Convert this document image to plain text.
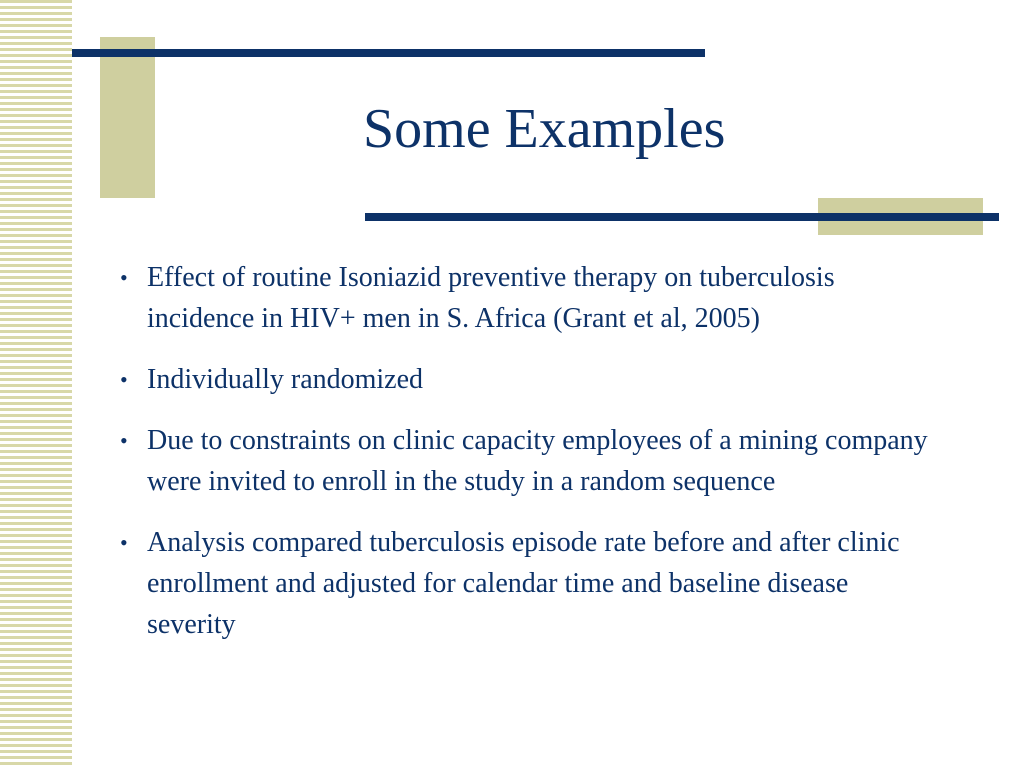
Some Examples
• Effect of routine Isoniazid preventive therapy on tuberculosis incidence in HIV+ men in S. Africa (Grant et al, 2005)
• Individually randomized
• Due to constraints on clinic capacity employees of a mining company were invited to enroll in the study in a random sequence
• Analysis compared tuberculosis episode rate before and after clinic enrollment and adjusted for calendar time and baseline disease severity
